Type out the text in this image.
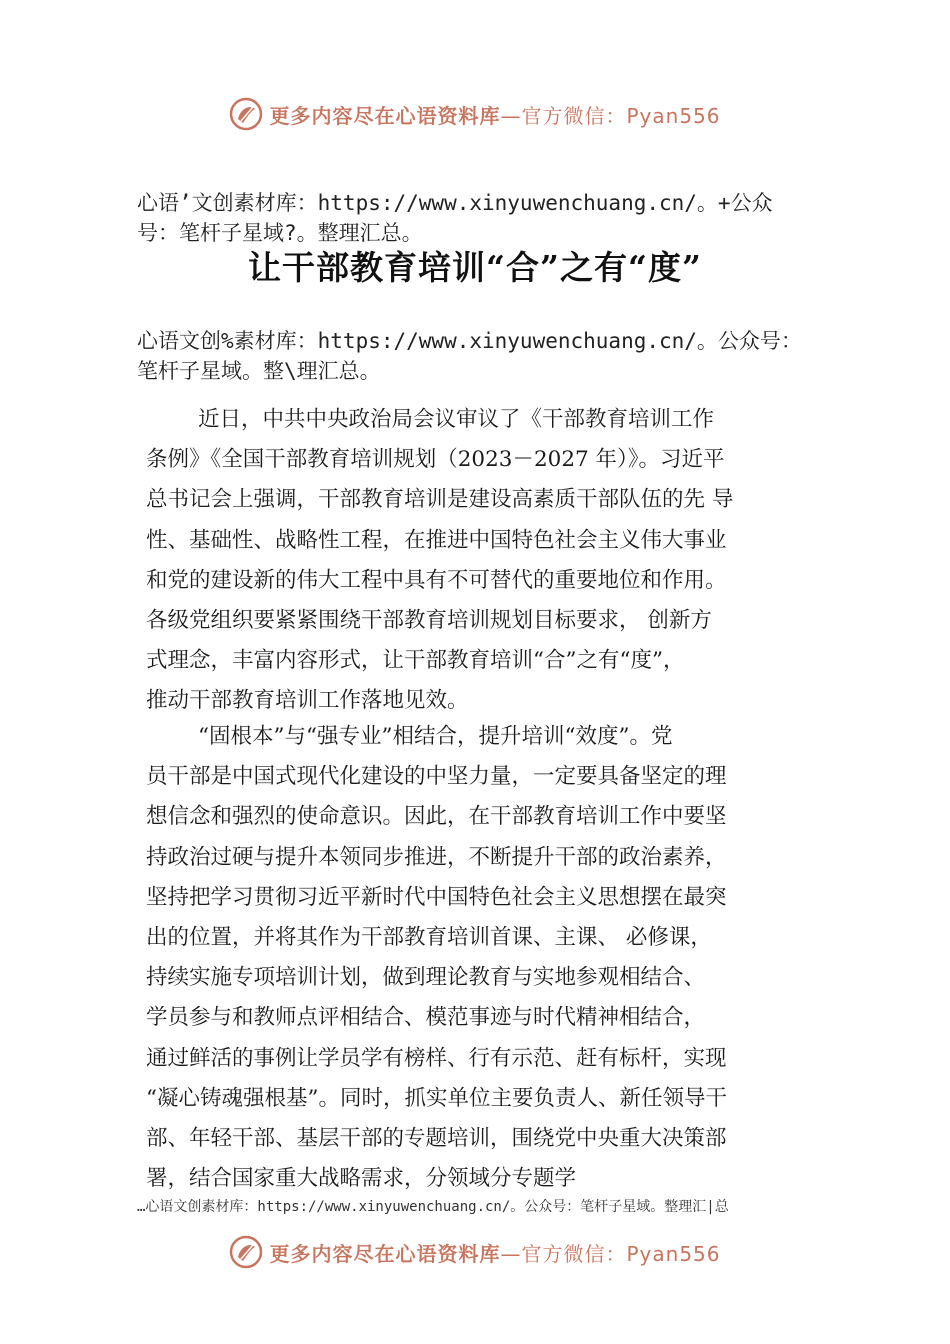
更多内容尽在心语资料库—官方微信：Pyan556
心语’文创素材库：https://www.xinyuwenchuang.cn/。+公众
号：笔杆子星域?。整理汇总。
让干部教育培训“合”之有“度”
心语文创%素材库：https://www.xinyuwenchuang.cn/。公众号：
笔杆子星域。整\理汇总。
近日，中共中央政治局会议审议了《干部教育培训工作
条例》《全国干部教育培训规划（2023－2027 年）》。习近平
总书记会上强调，干部教育培训是建设高素质干部队伍的先 导
性、基础性、战略性工程，在推进中国特色社会主义伟大事业
和党的建设新的伟大工程中具有不可替代的重要地位和作用。
各级党组织要紧紧围绕干部教育培训规划目标要求， 创新方
式理念，丰富内容形式，让干部教育培训“合”之有“度”，
推动干部教育培训工作落地见效。
“固根本”与“强专业”相结合，提升培训“效度”。党
员干部是中国式现代化建设的中坚力量，一定要具备坚定的理
想信念和强烈的使命意识。因此，在干部教育培训工作中要坚
持政治过硬与提升本领同步推进，不断提升干部的政治素养，
坚持把学习贯彻习近平新时代中国特色社会主义思想摆在最突
出的位置，并将其作为干部教育培训首课、主课、 必修课，
持续实施专项培训计划，做到理论教育与实地参观相结合、
学员参与和教师点评相结合、模范事迹与时代精神相结合，
通过鲜活的事例让学员学有榜样、行有示范、赶有标杆，实现
“凝心铸魂强根基”。同时，抓实单位主要负责人、新任领导干
部、年轻干部、基层干部的专题培训，围绕党中央重大决策部
署，结合国家重大战略需求，分领域分专题学
…心语文创素材库：https://www.xinyuwenchuang.cn/。公众号：笔杆子星域。整理汇|总
更多内容尽在心语资料库—官方微信：Pyan556
